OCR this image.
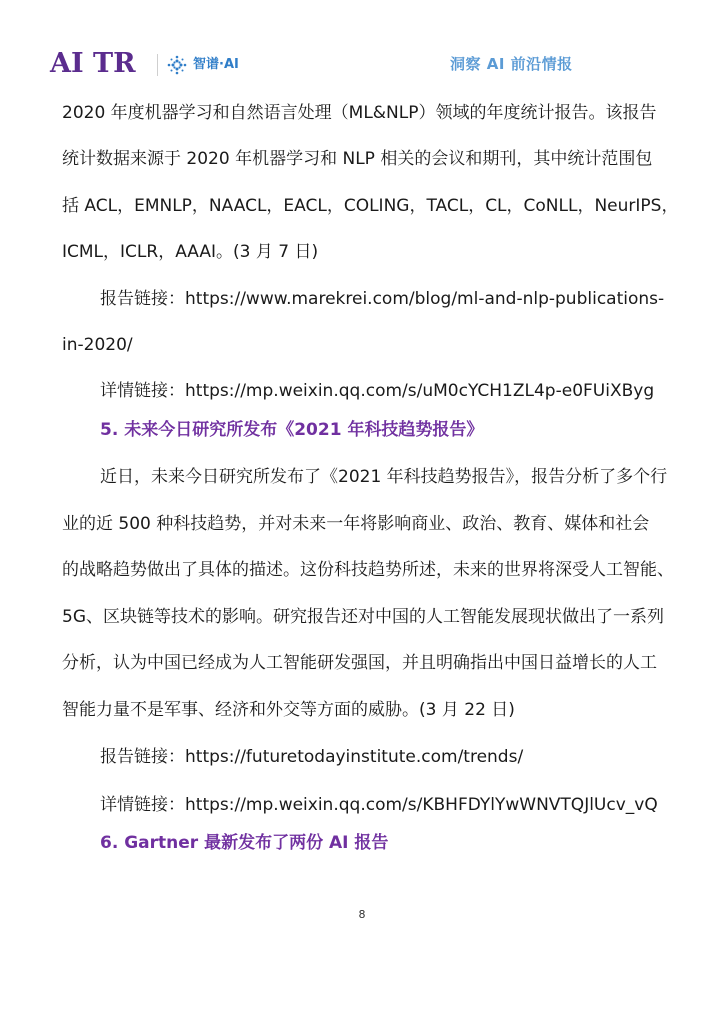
AI TR	智谱·AI	洞察 AI 前沿情报
2020 年度机器学习和自然语言处理（ML&NLP）领域的年度统计报告。该报告
统计数据来源于 2020 年机器学习和 NLP 相关的会议和期刊，其中统计范围包
括 ACL，EMNLP，NAACL，EACL，COLING，TACL，CL，CoNLL，NeurIPS，
ICML，ICLR，AAAI。(3 月 7 日)
报告链接：https://www.marekrei.com/blog/ml-and-nlp-publications-
in-2020/
详情链接：https://mp.weixin.qq.com/s/uM0cYCH1ZL4p-e0FUiXByg
5. 未来今日研究所发布《2021 年科技趋势报告》
近日，未来今日研究所发布了《2021 年科技趋势报告》，报告分析了多个行
业的近 500 种科技趋势，并对未来一年将影响商业、政治、教育、媒体和社会
的战略趋势做出了具体的描述。这份科技趋势所述，未来的世界将深受人工智能、
5G、区块链等技术的影响。研究报告还对中国的人工智能发展现状做出了一系列
分析，认为中国已经成为人工智能研发强国，并且明确指出中国日益增长的人工
智能力量不是军事、经济和外交等方面的威胁。(3 月 22 日)
报告链接：https://futuretodayinstitute.com/trends/
详情链接：https://mp.weixin.qq.com/s/KBHFDYlYwWNVTQJlUcv_vQ
6. Gartner 最新发布了两份 AI 报告
8
